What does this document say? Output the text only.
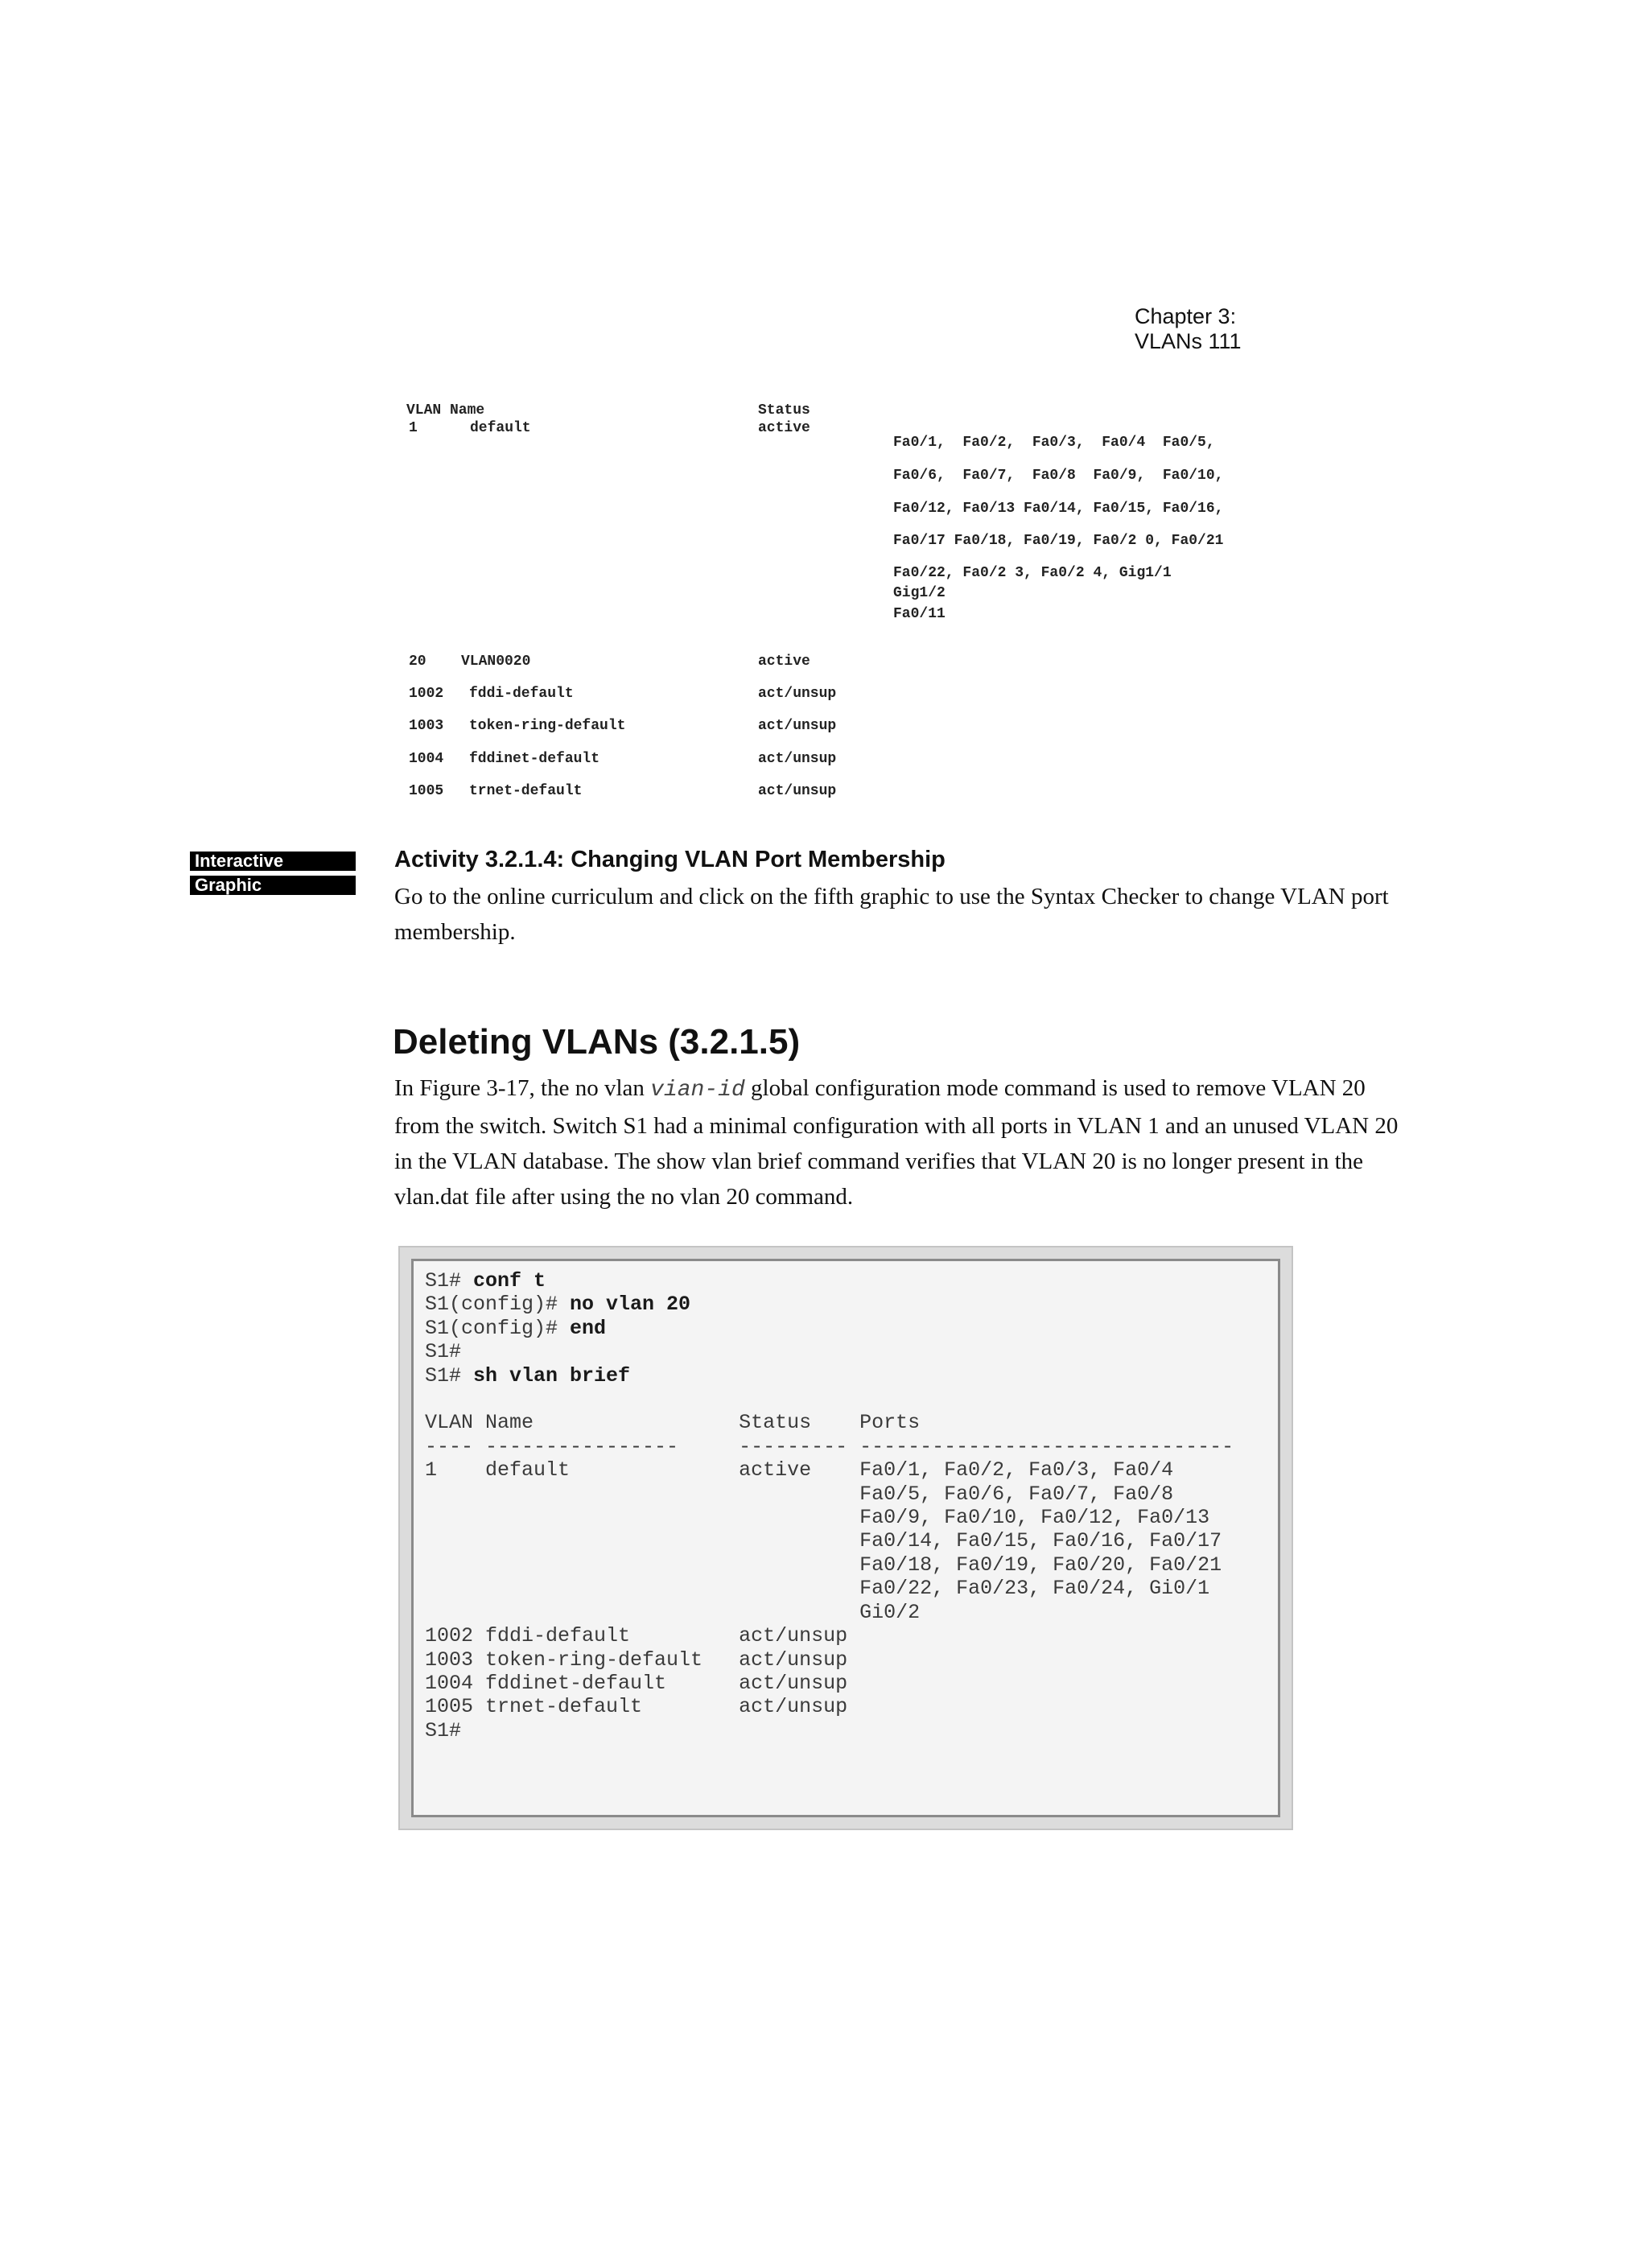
Chapter 3:
VLANs 111
VLAN Name	Status
1	default	active
Fa0/1,  Fa0/2,  Fa0/3,  Fa0/4  Fa0/5,
Fa0/6,  Fa0/7,  Fa0/8  Fa0/9,  Fa0/10,
Fa0/12, Fa0/13 Fa0/14, Fa0/15, Fa0/16,
Fa0/17 Fa0/18, Fa0/19, Fa0/2 0, Fa0/21
Fa0/22, Fa0/2 3, Fa0/2 4, Gig1/1
Gig1/2
Fa0/11
20 VLAN0020	active
1002 fddi-default	act/unsup
1003 token-ring-default	act/unsup
1004 fddinet-default	act/unsup
1005 trnet-default	act/unsup
Interactive
Graphic
Activity 3.2.1.4: Changing VLAN Port Membership
Go to the online curriculum and click on the fifth graphic to use the Syntax Checker to change VLAN port membership.
Deleting VLANs (3.2.1.5)
In Figure 3-17, the no vlan vian-id global configuration mode command is used to remove VLAN 20 from the switch. Switch S1 had a minimal configuration with all ports in VLAN 1 and an unused VLAN 20 in the VLAN database. The show vlan brief command verifies that VLAN 20 is no longer present in the vlan.dat file after using the no vlan 20 command.
S1# conf t
S1(config)# no vlan 20
S1(config)# end
S1#
S1# sh vlan brief

VLAN Name                 Status    Ports
---- ----------------     --------- -------------------------------
1    default              active    Fa0/1, Fa0/2, Fa0/3, Fa0/4
Fa0/5, Fa0/6, Fa0/7, Fa0/8
Fa0/9, Fa0/10, Fa0/12, Fa0/13
Fa0/14, Fa0/15, Fa0/16, Fa0/17
Fa0/18, Fa0/19, Fa0/20, Fa0/21
Fa0/22, Fa0/23, Fa0/24, Gi0/1
Gi0/2
1002 fddi-default         act/unsup
1003 token-ring-default   act/unsup
1004 fddinet-default      act/unsup
1005 trnet-default        act/unsup
S1#
